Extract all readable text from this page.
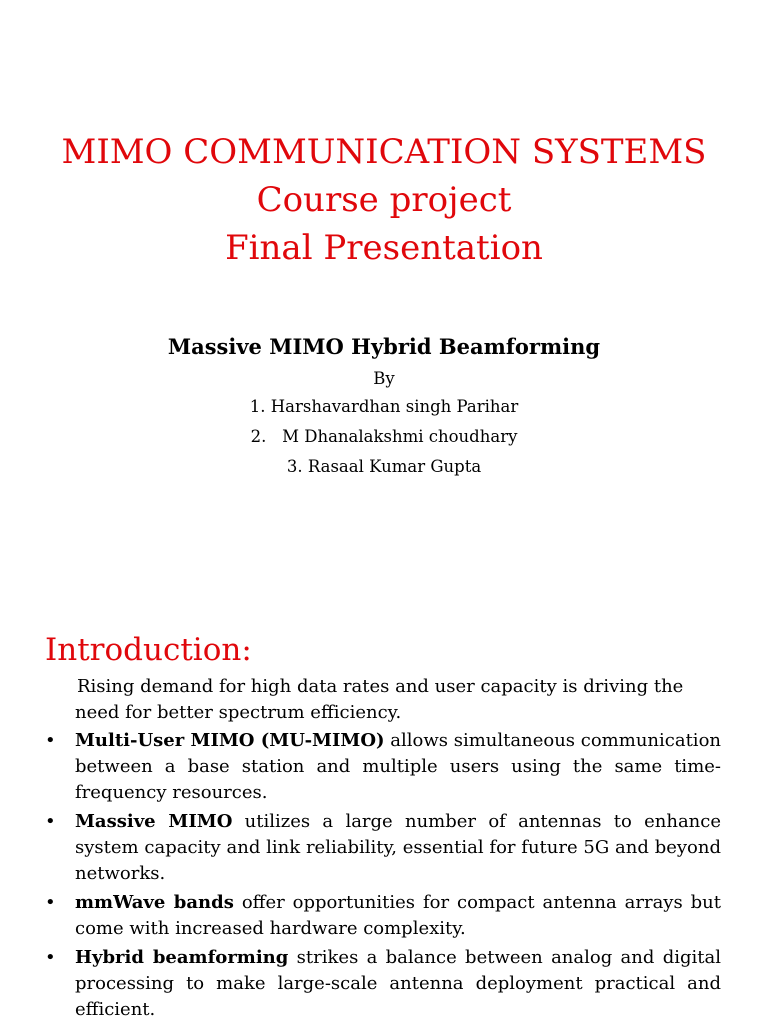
MIMO COMMUNICATION SYSTEMS
Course project
Final Presentation
Massive MIMO Hybrid Beamforming
By
1. Harshavardhan singh Parihar
2.   M Dhanalakshmi choudhary
3. Rasaal Kumar Gupta
Introduction:
Rising demand for high data rates and user capacity is driving the need for better spectrum efficiency.
• Multi-User MIMO (MU-MIMO) allows simultaneous communication between a base station and multiple users using the same time-frequency resources.
• Massive MIMO utilizes a large number of antennas to enhance system capacity and link reliability, essential for future 5G and beyond networks.
• mmWave bands offer opportunities for compact antenna arrays but come with increased hardware complexity.
• Hybrid beamforming strikes a balance between analog and digital processing to make large-scale antenna deployment practical and efficient.
